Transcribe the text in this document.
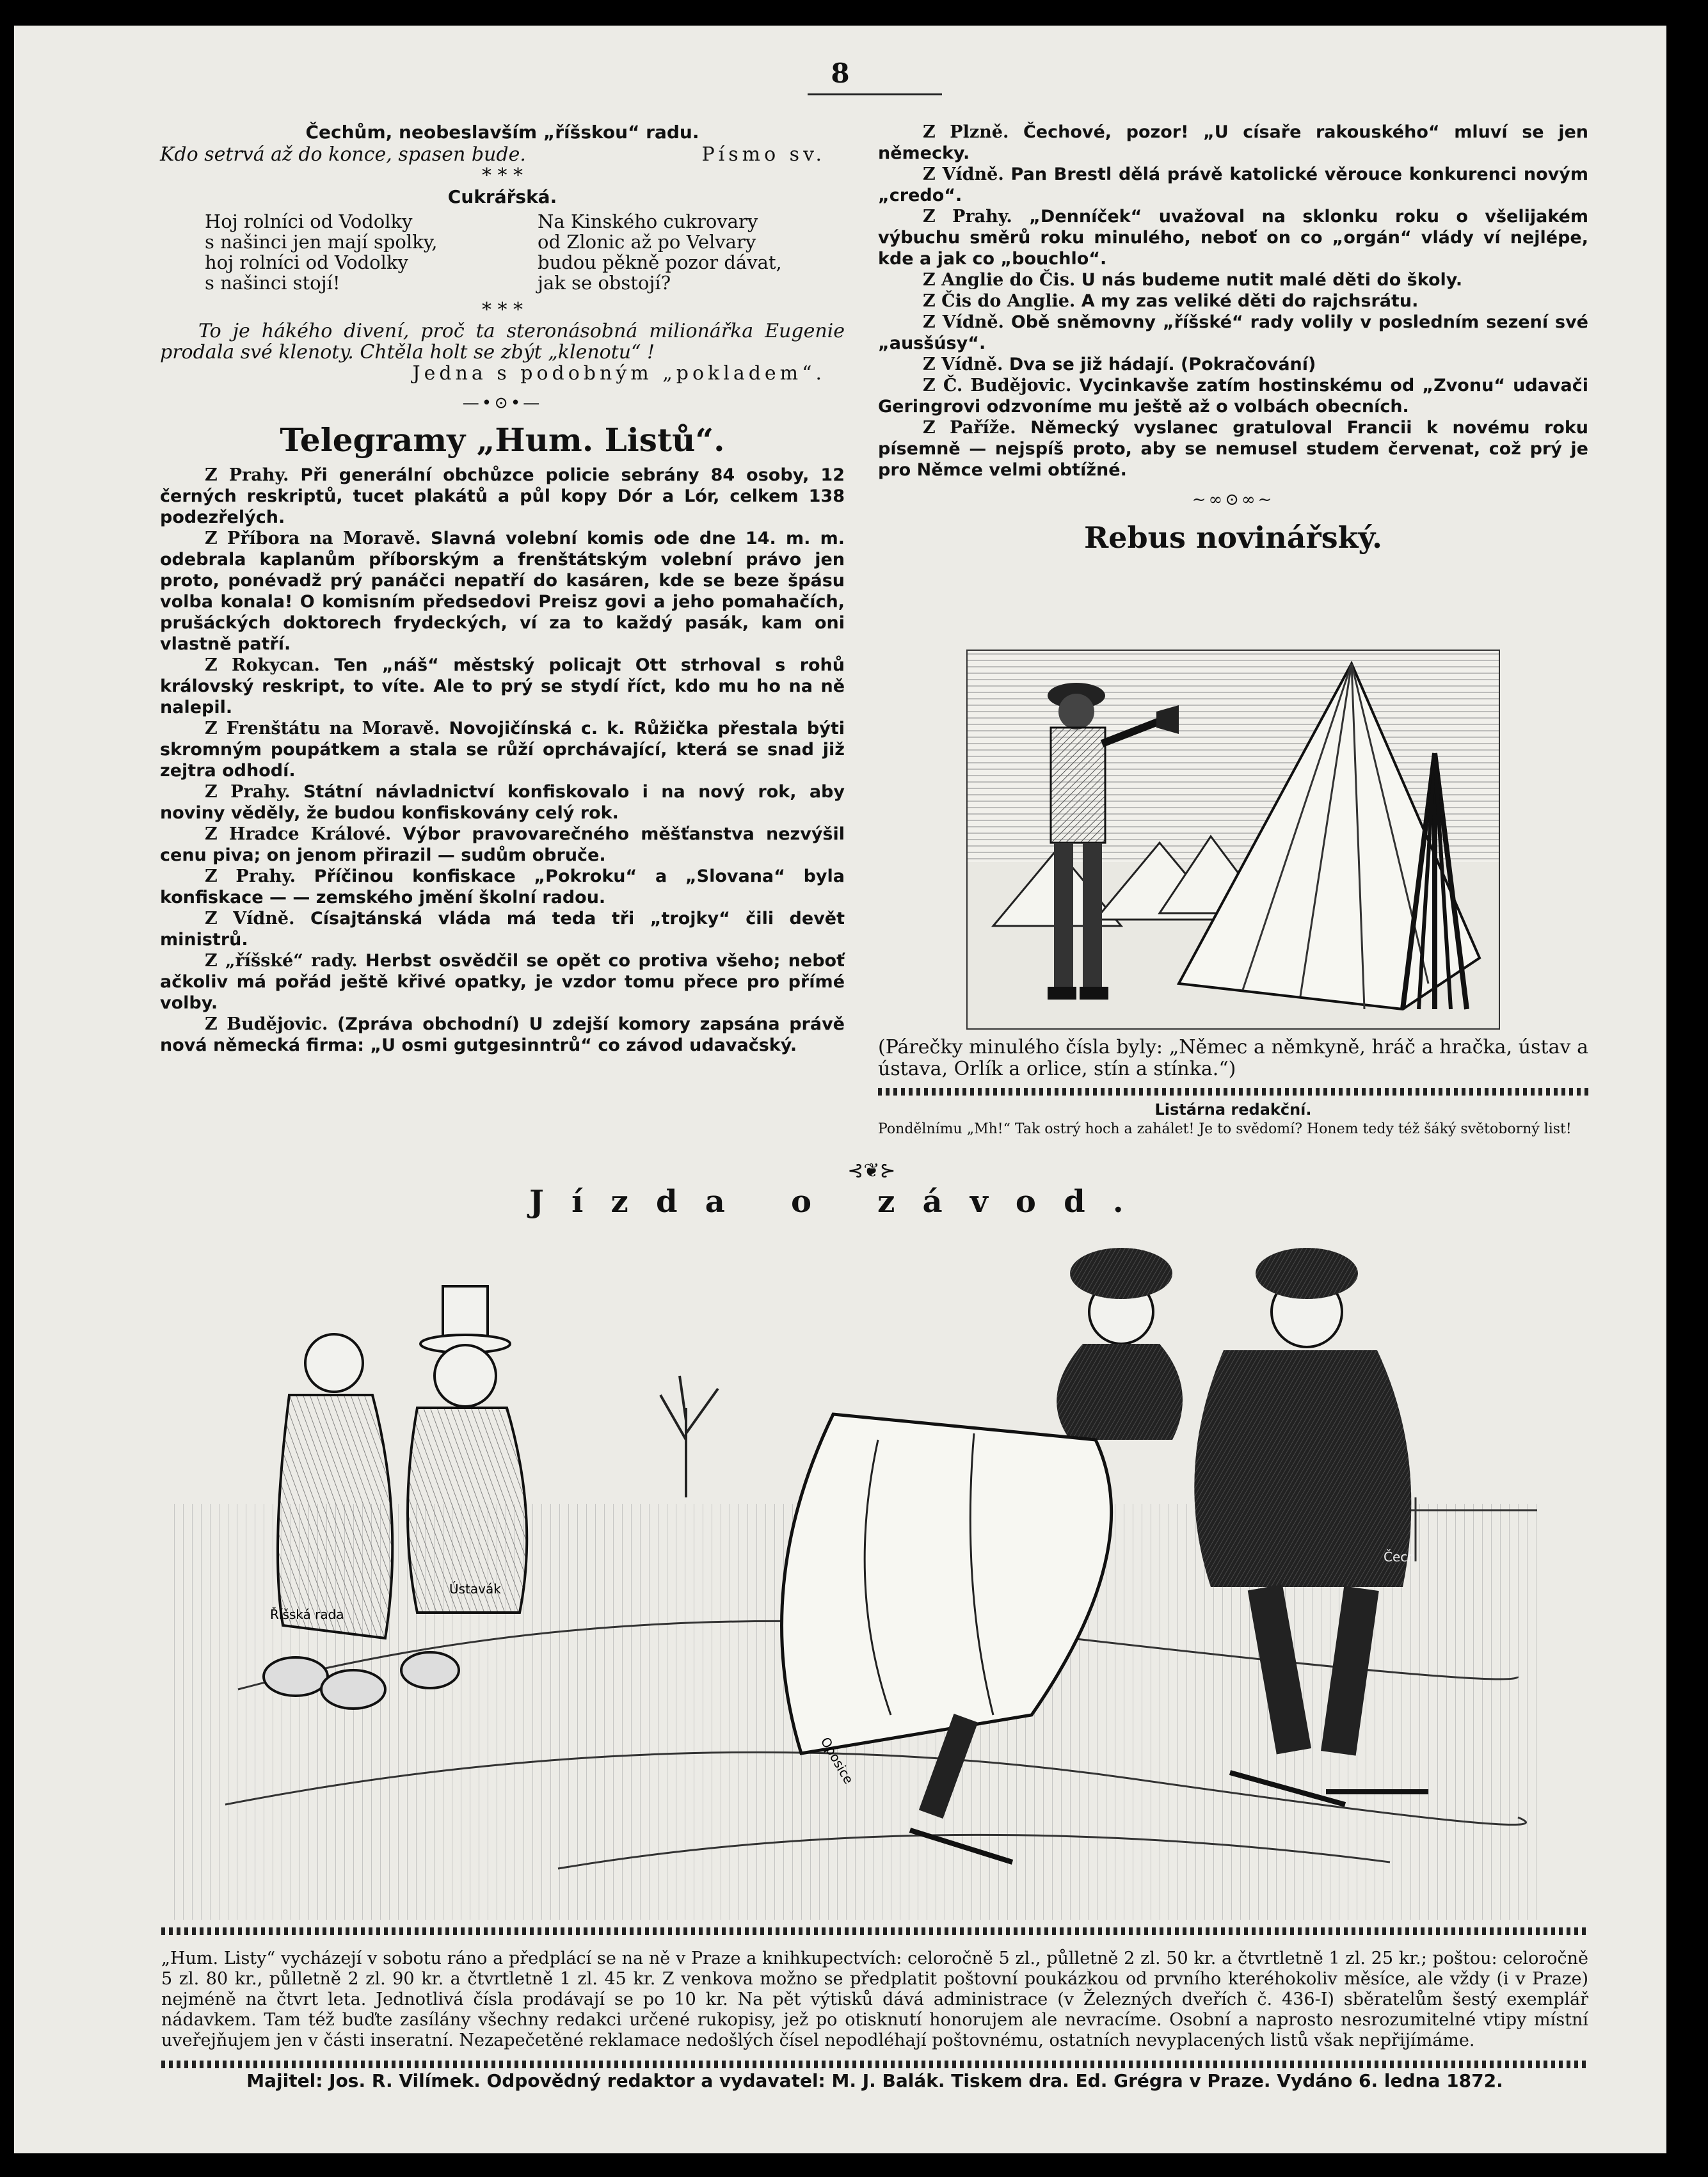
8
Čechům, neobeslavším „říšskou“ radu.
Kdo setrvá až do konce, spasen bude.	Písmo sv.
* * *
Cukrářská.
Hoj rolníci od Vodolky
s našinci jen mají spolky,
hoj rolníci od Vodolky
s našinci stojí!
Na Kinského cukrovary
od Zlonic až po Velvary
budou pěkně pozor dávat,
jak se obstojí?
* * *

To je hákého divení, proč ta steronásobná milionářka Eugenie prodala své klenoty. Chtěla holt se zbýt „klenotu“ !

Jedna s podobným „pokladem“.
—•⊙•—
Telegramy „Hum. Listů“.

Z Prahy. Při generální obchůzce policie sebrány 84 osoby, 12 černých reskriptů, tucet plakátů a půl kopy Dór a Lór, celkem 138 podezřelých.

Z Příbora na Moravě. Slavná volební komis ode dne 14. m. m. odebrala kaplanům příborským a frenštátským volební právo jen proto, ponévadž prý panáčci nepatří do kasáren, kde se beze špásu volba konala! O komisním předsedovi Preisz govi a jeho pomahačích, prušáckých doktorech frydeckých, ví za to každý pasák, kam oni vlastně patří.

Z Rokycan. Ten „náš“ městský policajt Ott strhoval s rohů královský reskript, to víte. Ale to prý se stydí říct, kdo mu ho na ně nalepil.

Z Frenštátu na Moravě. Novojičínská c. k. Růžička přestala býti skromným poupátkem a stala se růží oprchávající, která se snad již zejtra odhodí.

Z Prahy. Státní návladnictví konfiskovalo i na nový rok, aby noviny věděly, že budou konfiskovány celý rok.

Z Hradce Králové. Výbor pravovarečného měšťanstva nezvýšil cenu piva; on jenom přirazil — sudům obruče.

Z Prahy. Příčinou konfiskace „Pokroku“ a „Slovana“ byla konfiskace — — zemského jmění školní radou.

Z Vídně. Císajtánská vláda má teda tři „trojky“ čili devět ministrů.

Z „říšské“ rady. Herbst osvědčil se opět co protiva všeho; neboť ačkoliv má pořád ještě křivé opatky, je vzdor tomu přece pro přímé volby.

Z Budějovic. (Zpráva obchodní) U zdejší komory zapsána právě nová německá firma: „U osmi gutgesinntrů“ co závod udavačský.

Z Plzně. Čechové, pozor! „U císaře rakouského“ mluví se jen německy.

Z Vídně. Pan Brestl dělá právě katolické věrouce konkurenci novým „credo“.

Z Prahy. „Denníček“ uvažoval na sklonku roku o všelijakém výbuchu směrů roku minulého, neboť on co „orgán“ vlády ví nejlépe, kde a jak co „bouchlo“.

Z Anglie do Čis. U nás budeme nutit malé děti do školy.

Z Čis do Anglie. A my zas veliké děti do rajchsrátu.

Z Vídně. Obě sněmovny „říšské“ rady volily v posledním sezení své „ausšúsy“.

Z Vídně. Dva se již hádají. (Pokračování)

Z Č. Budějovic. Vycinkavše zatím hostinskému od „Zvonu“ udavači Geringrovi odzvoníme mu ještě až o volbách obecních.

Z Paříže. Německý vyslanec gratuloval Francii k novému roku písemně — nejspíš proto, aby se nemusel studem červenat, což prý je pro Němce velmi obtížné.

~∞⊙∞~
Rebus novinářský.
(Párečky minulého čísla byly: „Němec a němkyně, hráč a hračka, ústav a ústava, Orlík a orlice, stín a stínka.“)
Listárna redakční.
Pondělnímu „Mh!“ Tak ostrý hoch a zahálet! Je to svědomí? Honem tedy též šáký světoborný list!
⊰❦⊱
Jízda o závod.
Říšská rada
Ústavák
Oposice
Čech
„Hum. Listy“ vycházejí v sobotu ráno a předplácí se na ně v Praze a knihkupectvích: celoročně 5 zl., půlletně 2 zl. 50 kr. a čtvrtletně 1 zl. 25 kr.; poštou: celoročně 5 zl. 80 kr., půlletně 2 zl. 90 kr. a čtvrtletně 1 zl. 45 kr. Z venkova možno se předplatit poštovní poukázkou od prvního kteréhokoliv měsíce, ale vždy (i v Praze) nejméně na čtvrt leta. Jednotlivá čísla prodávají se po 10 kr. Na pět výtisků dává administrace (v Železných dveřích č. 436-I) sběratelům šestý exemplář nádavkem. Tam též buďte zasílány všechny redakci určené rukopisy, jež po otisknutí honorujem ale nevracíme. Osobní a naprosto nesrozumitelné vtipy místní uveřejňujem jen v části inseratní. Nezapečetěné reklamace nedošlých čísel nepodléhají poštovnému, ostatních nevyplacených listů však nepřijímáme.
Majitel: Jos. R. Vilímek. Odpovědný redaktor a vydavatel: M. J. Balák. Tiskem dra. Ed. Grégra v Praze. Vydáno 6. ledna 1872.
